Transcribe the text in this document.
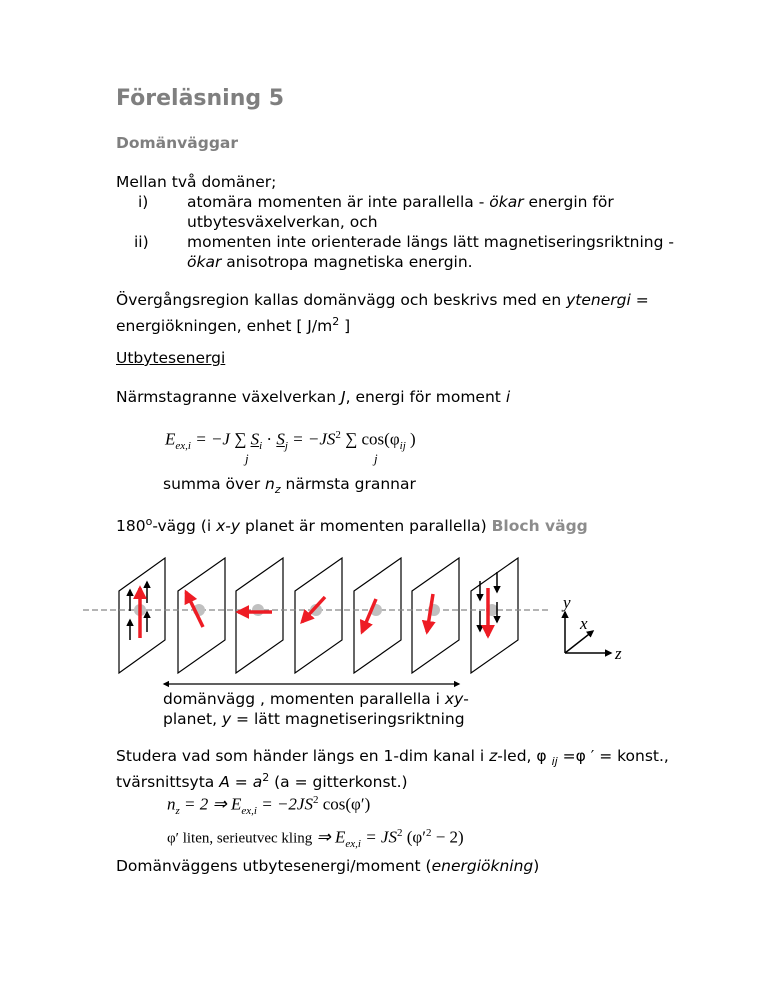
Föreläsning 5
Domänväggar
Mellan två domäner;
i) atomära momenten är inte parallella - ökar energin för
utbytesväxelverkan, och
ii) momenten inte orienterade längs lätt magnetiseringsriktning -
ökar anisotropa magnetiska energin.
Övergångsregion kallas domänvägg och beskrivs med en ytenergi =
energiökningen, enhet [ $J/m^2$ ]
Utbytesenergi
Närmstagranne växelverkan J, energi för moment i
$E_{ex,i} = -J$ ∑ $S_i \cdot S_j = -JS^2$ ∑ $\cos(\varphi_{ij}$ )
j	j
summa över $n_z$ närmsta grannar
180$^o$-vägg (i x-y planet är momenten parallella) Bloch vägg
y
x
z
domänvägg , momenten parallella i xy-
planet, y = lätt magnetiseringsriktning
Studera vad som händer längs en 1-dim kanal i z-led, φ $_{ij}$ =φ ′ = konst.,
tvärsnittsyta $A = a^2$ (a = gitterkonst.)
$n_z = 2$ ⇒ $E_{ex,i} = -2JS^2$ cos(φ′)
φ′ liten, serieutvec kling ⇒ $E_{ex,i} = JS^2$ $(\varphi'^2 - 2)$
Domänväggens utbytesenergi/moment (energiökning)
